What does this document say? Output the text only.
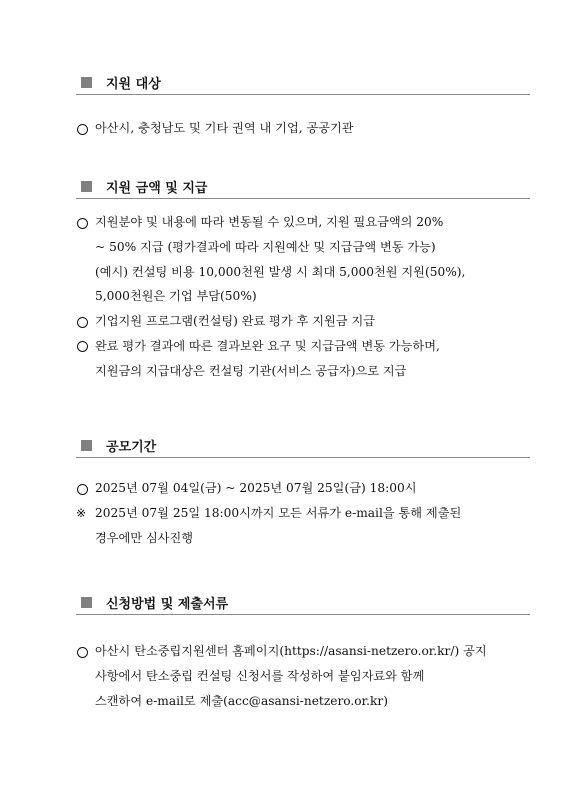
지원 대상
아산시, 충청남도 및 기타 권역 내 기업, 공공기관
지원 금액 및 지급
지원분야 및 내용에 따라 변동될 수 있으며, 지원 필요금액의 20%
~ 50% 지급 (평가결과에 따라 지원예산 및 지급금액 변동 가능)
(예시) 컨설팅 비용 10,000천원 발생 시 최대 5,000천원 지원(50%),
5,000천원은 기업 부담(50%)
기업지원 프로그램(컨설팅) 완료 평가 후 지원금 지급
완료 평가 결과에 따른 결과보완 요구 및 지급금액 변동 가능하며,
지원금의 지급대상은 컨설팅 기관(서비스 공급자)으로 지급
공모기간
2025년 07월 04일(금) ~ 2025년 07월 25일(금) 18:00시
※ 2025년 07월 25일 18:00시까지 모든 서류가 e-mail을 통해 제출된
경우에만 심사진행
신청방법 및 제출서류
아산시 탄소중립지원센터 홈페이지(https://asansi-netzero.or.kr/) 공지
사항에서 탄소중립 컨설팅 신청서를 작성하여 붙임자료와 함께
스캔하여 e-mail로 제출(acc@asansi-netzero.or.kr)
